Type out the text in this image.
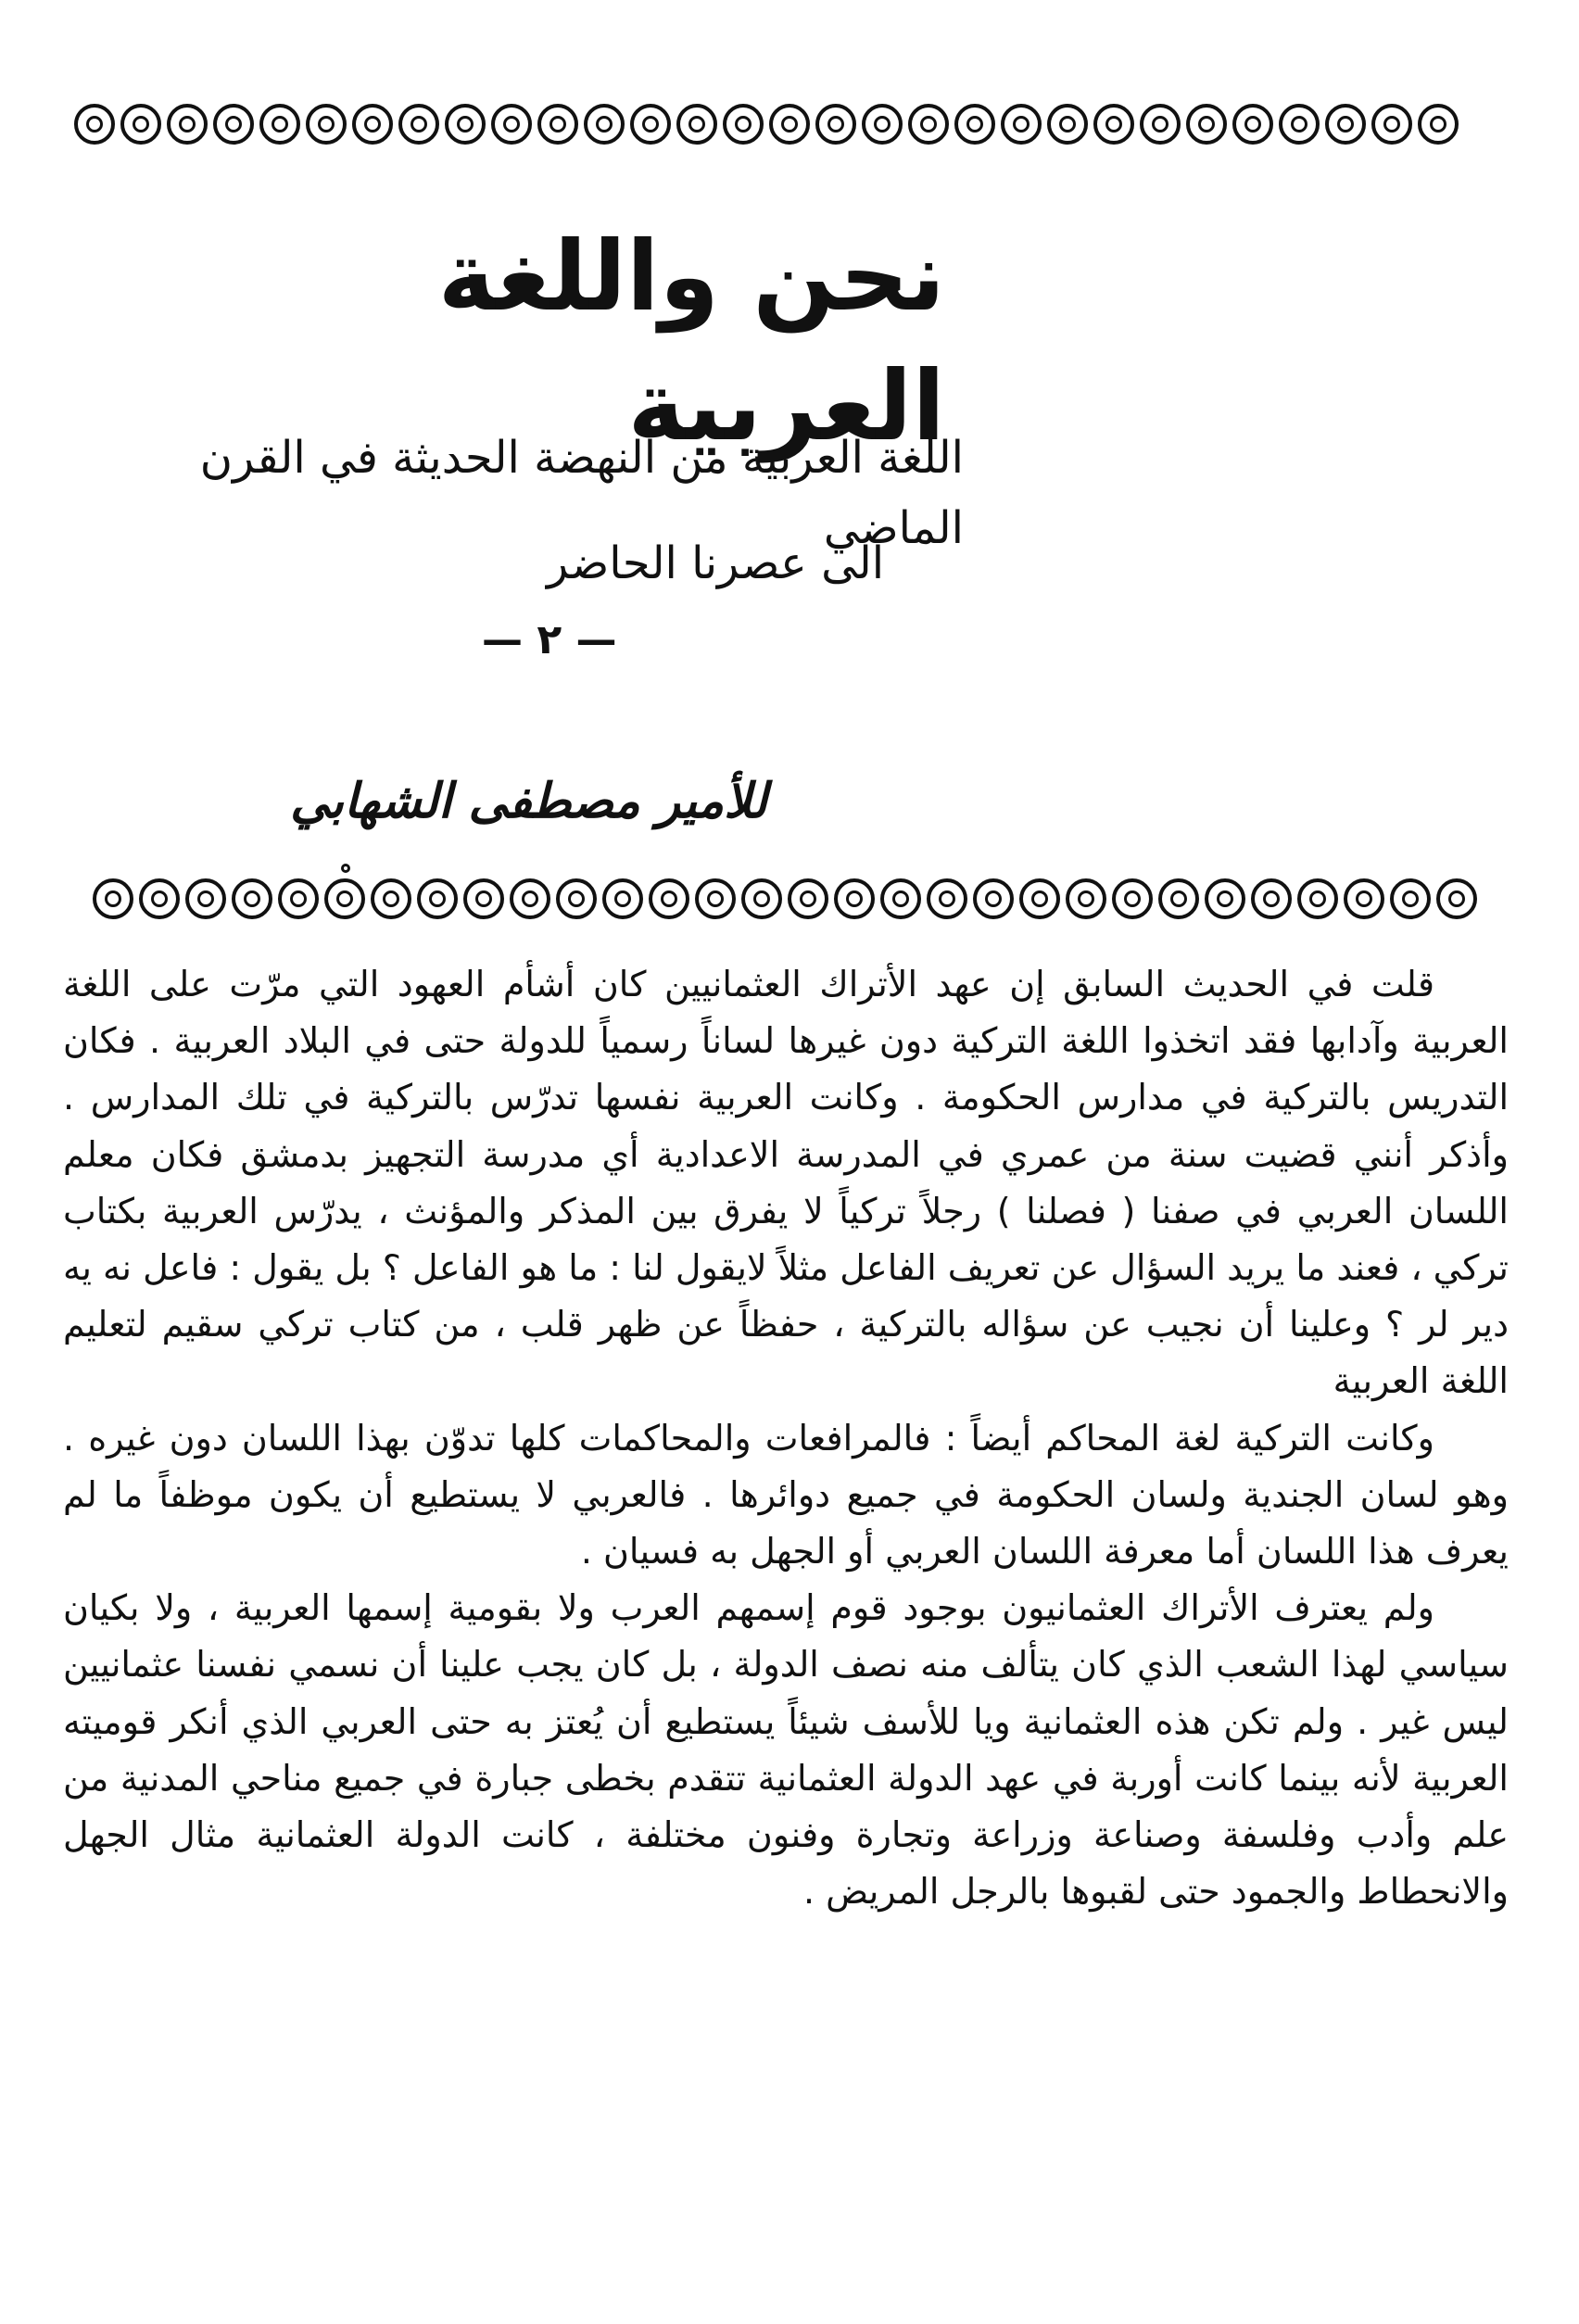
نحن واللغة العربية
اللغة العربية من النهضة الحديثة في القرن الماضي
الى عصرنا الحاضر
— ٢ —
للأمير مصطفى الشهابي

قلت في الحديث السابق إن عهد الأتراك العثمانيين كان أشأم العهود التي مرّت على اللغة العربية وآدابها فقد اتخذوا اللغة التركية دون غيرها لساناً رسمياً للدولة حتى في البلاد العربية . فكان التدريس بالتركية في مدارس الحكومة . وكانت العربية نفسها تدرّس بالتركية في تلك المدارس . وأذكر أنني قضيت سنة من عمري في المدرسة الاعدادية أي مدرسة التجهيز بدمشق فكان معلم اللسان العربي في صفنا ( فصلنا ) رجلاً تركياً لا يفرق بين المذكر والمؤنث ، يدرّس العربية بكتاب تركي ، فعند ما يريد السؤال عن تعريف الفاعل مثلاً لايقول لنا : ما هو الفاعل ؟ بل يقول : فاعل نه يه دير لر ؟ وعلينا أن نجيب عن سؤاله بالتركية ، حفظاً عن ظهر قلب ، من كتاب تركي سقيم لتعليم اللغة العربية

وكانت التركية لغة المحاكم أيضاً : فالمرافعات والمحاكمات كلها تدوّن بهذا اللسان دون غيره . وهو لسان الجندية ولسان الحكومة في جميع دوائرها . فالعربي لا يستطيع أن يكون موظفاً ما لم يعرف هذا اللسان أما معرفة اللسان العربي أو الجهل به فسيان .

ولم يعترف الأتراك العثمانيون بوجود قوم إسمهم العرب ولا بقومية إسمها العربية ، ولا بكيان سياسي لهذا الشعب الذي كان يتألف منه نصف الدولة ، بل كان يجب علينا أن نسمي نفسنا عثمانيين ليس غير . ولم تكن هذه العثمانية ويا للأسف شيئاً يستطيع أن يُعتز به حتى العربي الذي أنكر قوميته العربية لأنه بينما كانت أوربة في عهد الدولة العثمانية تتقدم بخطى جبارة في جميع مناحي المدنية من علم وأدب وفلسفة وصناعة وزراعة وتجارة وفنون مختلفة ، كانت الدولة العثمانية مثال الجهل والانحطاط والجمود حتى لقبوها بالرجل المريض .
